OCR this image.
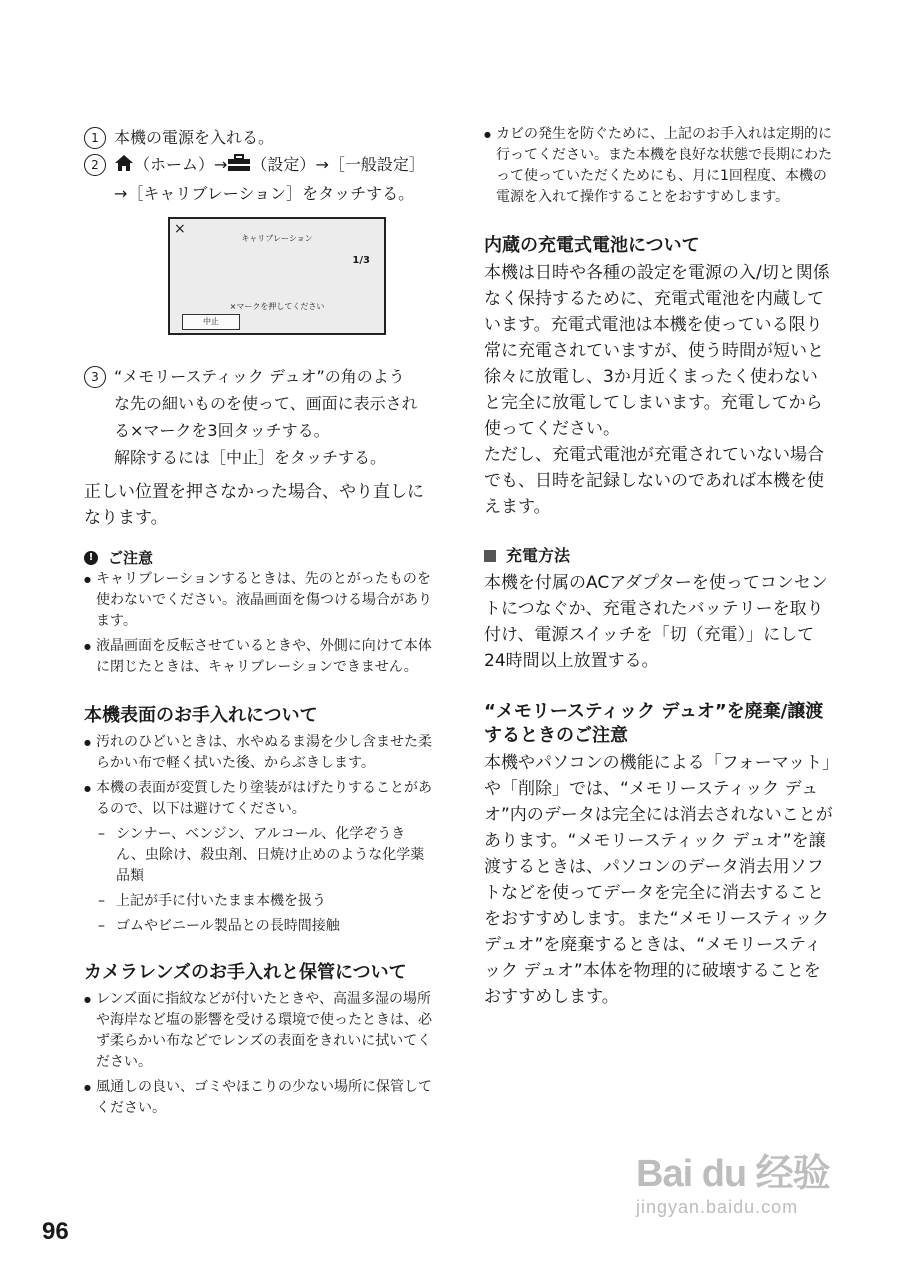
1 本機の電源を入れる。
2	（ホーム）→ （設定）→［一般設定］
→［キャリブレーション］をタッチする。
×
キャリブレーション
1/3
×マークを押してください
中止
3 “メモリースティック デュオ”の角のよう
な先の細いものを使って、画面に表示され
る×マークを3回タッチする。
解除するには［中止］をタッチする。

正しい位置を押さなかった場合、やり直しになります。

! ご注意
● キャリブレーションするときは、先のとがったものを使わないでください。液晶画面を傷つける場合があります。
● 液晶画面を反転させているときや、外側に向けて本体に閉じたときは、キャリブレーションできません。
本機表面のお手入れについて
● 汚れのひどいときは、水やぬるま湯を少し含ませた柔らかい布で軽く拭いた後、からぶきします。
● 本機の表面が変質したり塗装がはげたりすることがあるので、以下は避けてください。
– シンナー、ベンジン、アルコール、化学ぞうきん、虫除け、殺虫剤、日焼け止めのような化学薬品類
– 上記が手に付いたまま本機を扱う
– ゴムやビニール製品との長時間接触
カメラレンズのお手入れと保管について
● レンズ面に指紋などが付いたときや、高温多湿の場所や海岸など塩の影響を受ける環境で使ったときは、必ず柔らかい布などでレンズの表面をきれいに拭いてください。
● 風通しの良い、ゴミやほこりの少ない場所に保管してください。
● カビの発生を防ぐために、上記のお手入れは定期的に行ってください。また本機を良好な状態で長期にわたって使っていただくためにも、月に1回程度、本機の電源を入れて操作することをおすすめします。
内蔵の充電式電池について

本機は日時や各種の設定を電源の入/切と関係なく保持するために、充電式電池を内蔵しています。充電式電池は本機を使っている限り常に充電されていますが、使う時間が短いと徐々に放電し、3か月近くまったく使わないと完全に放電してしまいます。充電してから使ってください。

ただし、充電式電池が充電されていない場合でも、日時を記録しないのであれば本機を使えます。

充電方法

本機を付属のACアダプターを使ってコンセントにつなぐか、充電されたバッテリーを取り付け、電源スイッチを「切（充電）」にして24時間以上放置する。

“メモリースティック デュオ”を廃棄/譲渡するときのご注意

本機やパソコンの機能による「フォーマット」や「削除」では、“メモリースティック デュオ”内のデータは完全には消去されないことがあります。“メモリースティック デュオ”を譲渡するときは、パソコンのデータ消去用ソフトなどを使ってデータを完全に消去することをおすすめします。また“メモリースティック デュオ”を廃棄するときは、“メモリースティック デュオ”本体を物理的に破壊することをおすすめします。

96
Bai du 经验
jingyan.baidu.com
